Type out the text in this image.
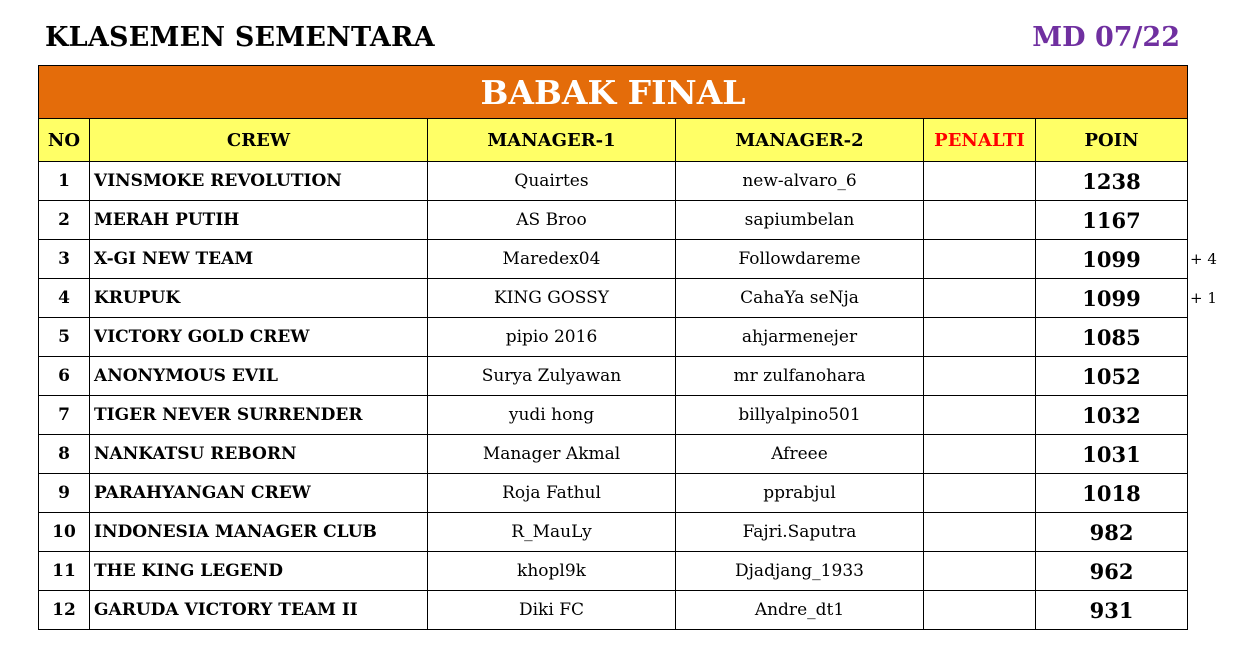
KLASEMEN SEMENTARA	MD 07/22
BABAK FINAL					
NO	CREW	MANAGER-1	MANAGER-2	PENALTI	POIN
1	VINSMOKE REVOLUTION	Quairtes	new-alvaro_6		1238
2	MERAH PUTIH	AS Broo	sapiumbelan		1167
3	X-GI NEW TEAM	Maredex04	Followdareme		1099 + 4

4	KRUPUK	KING GOSSY	CahaYa seNja		1099 + 1

5	VICTORY GOLD CREW	pipio 2016	ahjarmenejer		1085
6	ANONYMOUS EVIL	Surya Zulyawan	mr zulfanohara		1052
7	TIGER NEVER SURRENDER	yudi hong	billyalpino501		1032
8	NANKATSU REBORN	Manager Akmal	Afreee		1031
9	PARAHYANGAN CREW	Roja Fathul	pprabjul		1018
10	INDONESIA MANAGER CLUB	R_MauLy	Fajri.Saputra		982
11	THE KING LEGEND	khopl9k	Djadjang_1933		962
12	GARUDA VICTORY TEAM II	Diki FC	Andre_dt1		931
